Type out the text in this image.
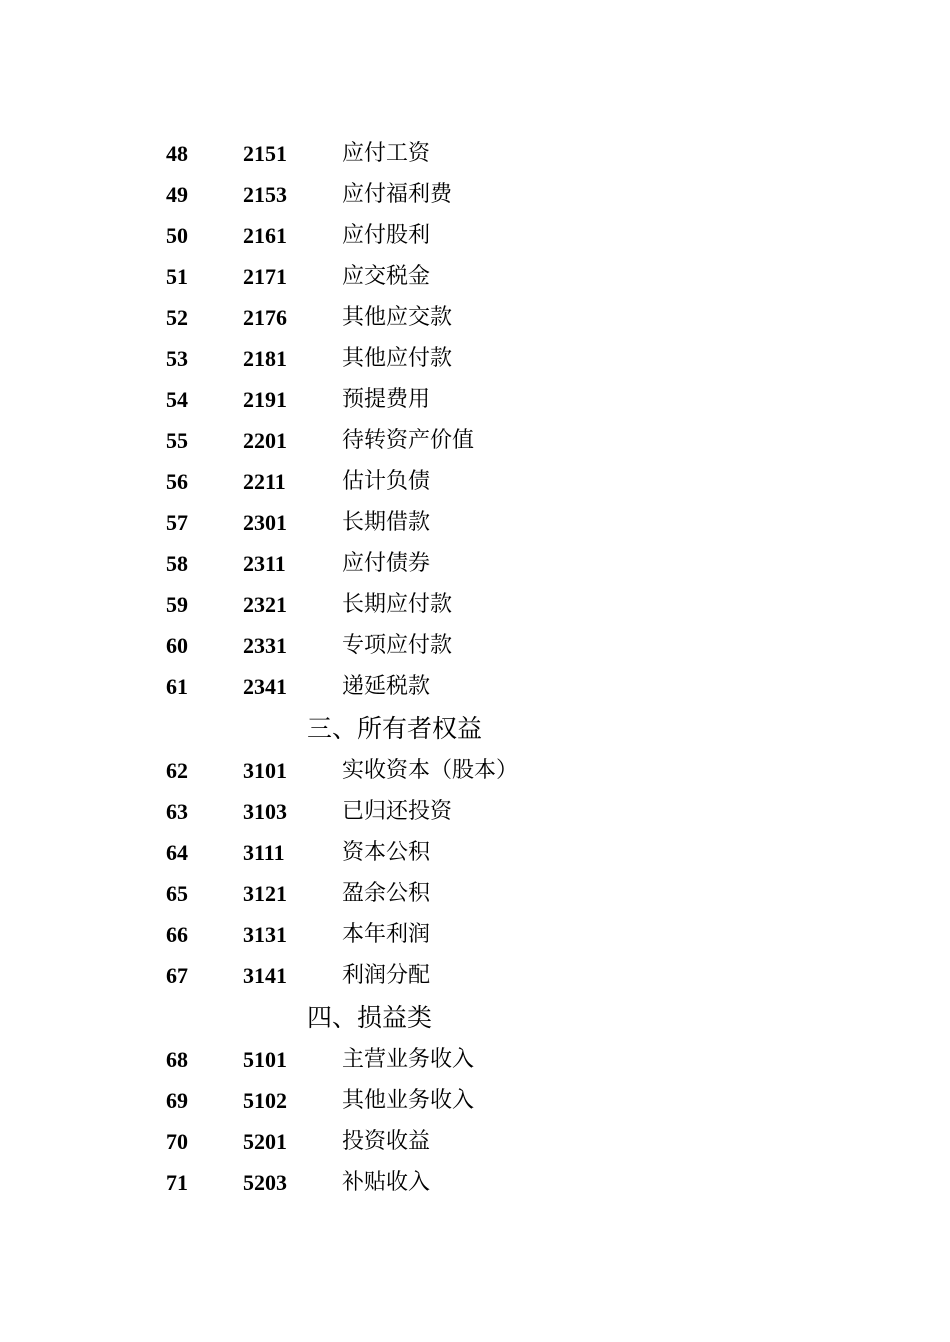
48	2151	应付工资
49	2153	应付福利费
50	2161	应付股利
51	2171	应交税金
52	2176	其他应交款
53	2181	其他应付款
54	2191	预提费用
55	2201	待转资产价值
56	2211	估计负债
57	2301	长期借款
58	2311	应付债券
59	2321	长期应付款
60	2331	专项应付款
61	2341	递延税款
三、所有者权益
62	3101	实收资本（股本）
63	3103	已归还投资
64	3111	资本公积
65	3121	盈余公积
66	3131	本年利润
67	3141	利润分配
四、损益类
68	5101	主营业务收入
69	5102	其他业务收入
70	5201	投资收益
71	5203	补贴收入
